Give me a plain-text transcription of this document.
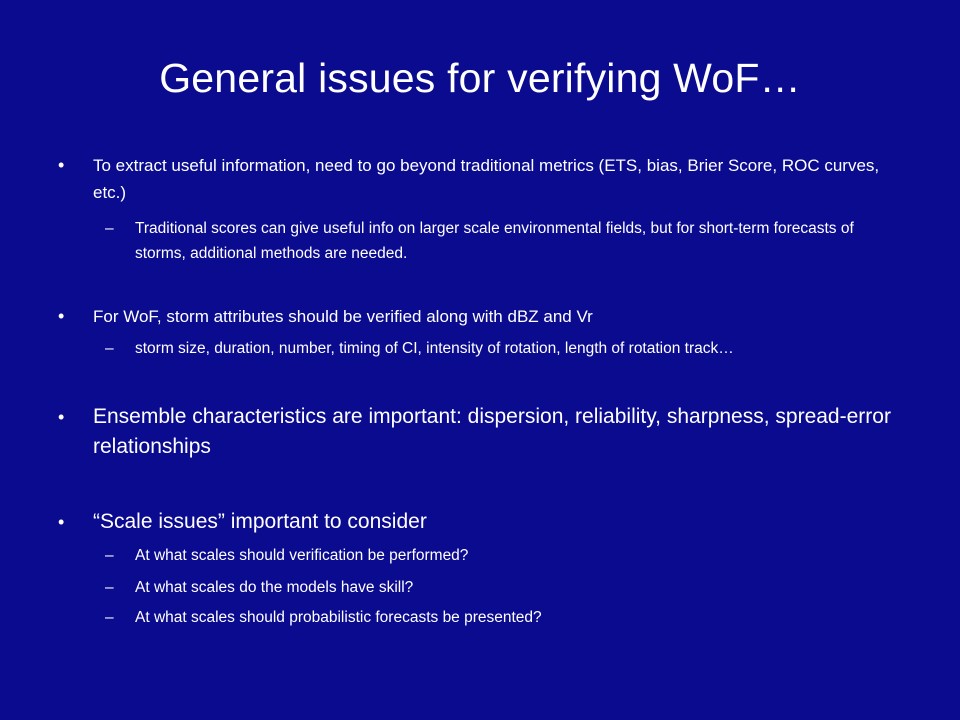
General issues for verifying WoF…
•	To extract useful information, need to go beyond traditional metrics (ETS, bias, Brier Score, ROC curves, etc.)
–	Traditional scores can give useful info on larger scale environmental fields, but for short-term forecasts of storms, additional methods are needed.
•	For WoF, storm attributes should be verified along with dBZ and Vr
–	storm size, duration, number, timing of CI, intensity of rotation, length of rotation track…
•	Ensemble characteristics are important: dispersion, reliability, sharpness, spread-error relationships
•	“Scale issues” important to consider
–	At what scales should verification be performed?
–	At what scales do the models have skill?
–	At what scales should probabilistic forecasts be presented?
